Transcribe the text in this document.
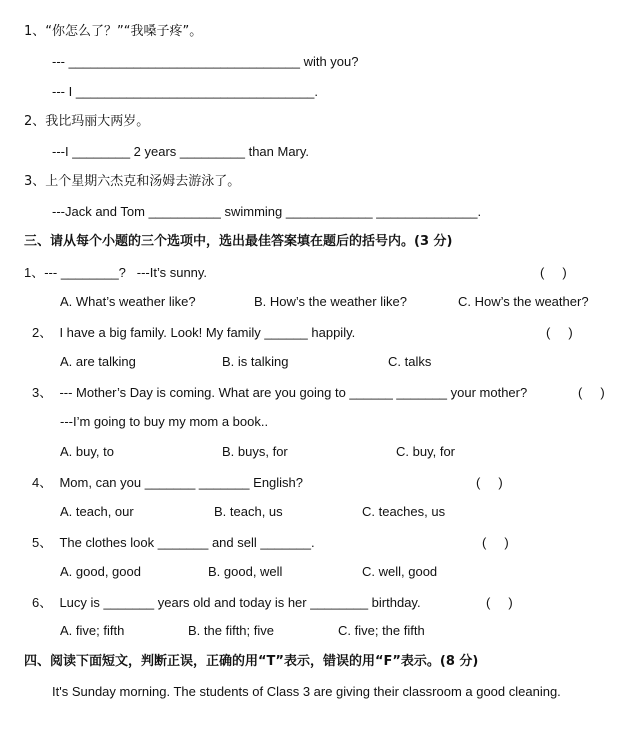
1、“你怎么了？”“我嗓子疼”。
--- ________________________________ with you?
--- I _________________________________.
2、我比玛丽大两岁。
---I ________ 2 years _________ than Mary.
3、上个星期六杰克和汤姆去游泳了。
---Jack and Tom __________ swimming ____________ ______________.
三、请从每个小题的三个选项中，选出最佳答案填在题后的括号内。(3 分)
1、--- ________?   ---It’s sunny.	(     )
A. What’s weather like?	B. How’s the weather like?	C. How’s the weather?
2、  I have a big family. Look! My family ______ happily.	(     )
A. are talking	B. is talking	C. talks
3、  --- Mother’s Day is coming. What are you going to ______ _______ your mother?	(     )
---I’m going to buy my mom a book..
A. buy, to	B. buys, for	C. buy, for
4、  Mom, can you _______ _______ English?	(     )
A. teach, our	B. teach, us	C. teaches, us
5、  The clothes look _______ and sell _______.	(     )
A. good, good	B. good, well	C. well, good
6、  Lucy is _______ years old and today is her ________ birthday.	(     )
A. five; fifth	B. the fifth; five	C. five; the fifth
四、阅读下面短文，判断正误，正确的用“T”表示，错误的用“F”表示。(8 分)
It's Sunday morning. The students of Class 3 are giving their classroom a good cleaning.
